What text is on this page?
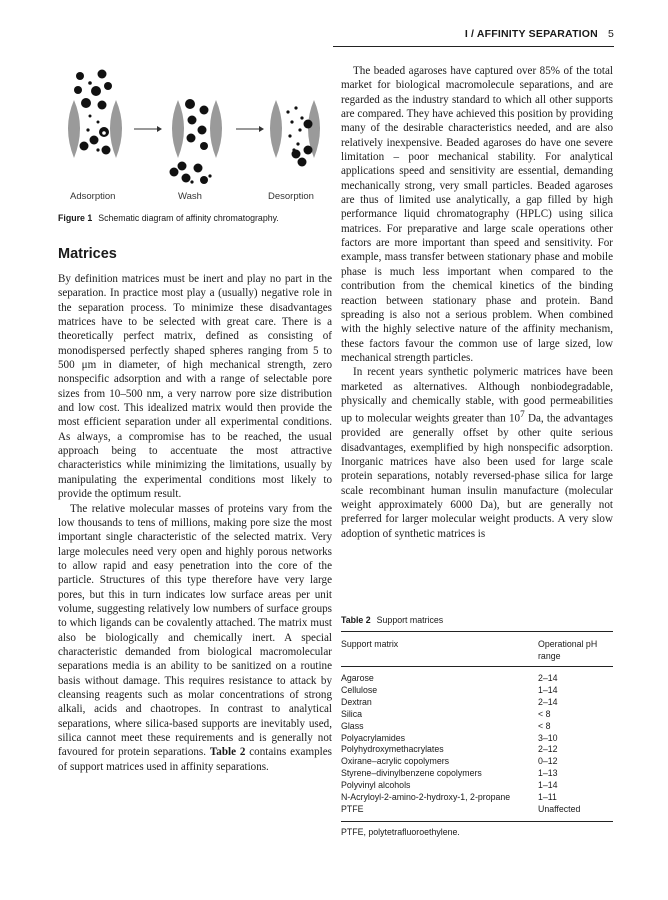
I / AFFINITY SEPARATION 5
Adsorption	Wash	Desorption
Figure 1 Schematic diagram of affinity chromatography.
Matrices

By definition matrices must be inert and play no part in the separation. In practice most play a (usually) negative role in the separation process. To minimize these disadvantages matrices have to be selected with great care. There is a theoretically perfect matrix, defined as consisting of monodispersed perfectly shaped spheres ranging from 5 to 500 μm in diameter, of high mechanical strength, zero nonspecific adsorption and with a range of selectable pore sizes from 10–500 nm, a very narrow pore size distribution and low cost. This idealized matrix would then provide the most efficient separation under all experimental conditions. As always, a compromise has to be reached, the usual approach being to accentuate the most attractive characteristics while minimizing the limitations, usually by manipulating the experimental conditions most likely to provide the optimum result.

The relative molecular masses of proteins vary from the low thousands to tens of millions, making pore size the most important single characteristic of the selected matrix. Very large molecules need very open and highly porous networks to allow rapid and easy penetration into the core of the particle. Structures of this type therefore have very large pores, but this in turn indicates low surface areas per unit volume, suggesting relatively low numbers of surface groups to which ligands can be covalently attached. The matrix must also be biologically and chemically inert. A special characteristic demanded from biological macromolecular separations media is an ability to be sanitized on a routine basis without damage. This requires resistance to attack by cleansing reagents such as molar concentrations of strong alkali, acids and chaotropes. In contrast to analytical separations, where silica-based supports are inevitably used, silica cannot meet these requirements and is generally not favoured for protein separations. Table 2 contains examples of support matrices used in affinity separations.

The beaded agaroses have captured over 85% of the total market for biological macromolecule separations, and are regarded as the industry standard to which all other supports are compared. They have achieved this position by providing many of the desirable characteristics needed, and are also relatively inexpensive. Beaded agaroses do have one severe limitation – poor mechanical stability. For analytical applications speed and sensitivity are essential, demanding mechanically strong, very small particles. Beaded agaroses are thus of limited use analytically, a gap filled by high performance liquid chromatography (HPLC) using silica matrices. For preparative and large scale operations other factors are more important than speed and sensitivity. For example, mass transfer between stationary phase and mobile phase is much less important when compared to the contribution from the chemical kinetics of the binding reaction between stationary phase and protein. Band spreading is also not a serious problem. When combined with the highly selective nature of the affinity mechanism, these factors favour the common use of large sized, low mechanical strength particles.

In recent years synthetic polymeric matrices have been marketed as alternatives. Although nonbiodegradable, physically and chemically stable, with good permeabilities up to molecular weights greater than $10^7$ Da, the advantages provided are generally offset by other quite serious disadvantages, exemplified by high nonspecific adsorption. Inorganic matrices have also been used for large scale protein separations, notably reversed-phase silica for large scale recombinant human insulin manufacture (molecular weight approximately 6000 Da), but are generally not preferred for larger molecular weight products. A very slow adoption of synthetic matrices is

Table 2 Support matrices
Support matrix	Operational pH range
Agarose	2–14
Cellulose	1–14
Dextran	2–14
Silica	< 8
Glass	< 8
Polyacrylamides	3–10
Polyhydroxymethacrylates	2–12
Oxirane–acrylic copolymers	0–12
Styrene–divinylbenzene copolymers	1–13
Polyvinyl alcohols	1–14
N-Acryloyl-2-amino-2-hydroxy-1, 2-propane	1–11
PTFE	Unaffected
PTFE, polytetrafluoroethylene.
